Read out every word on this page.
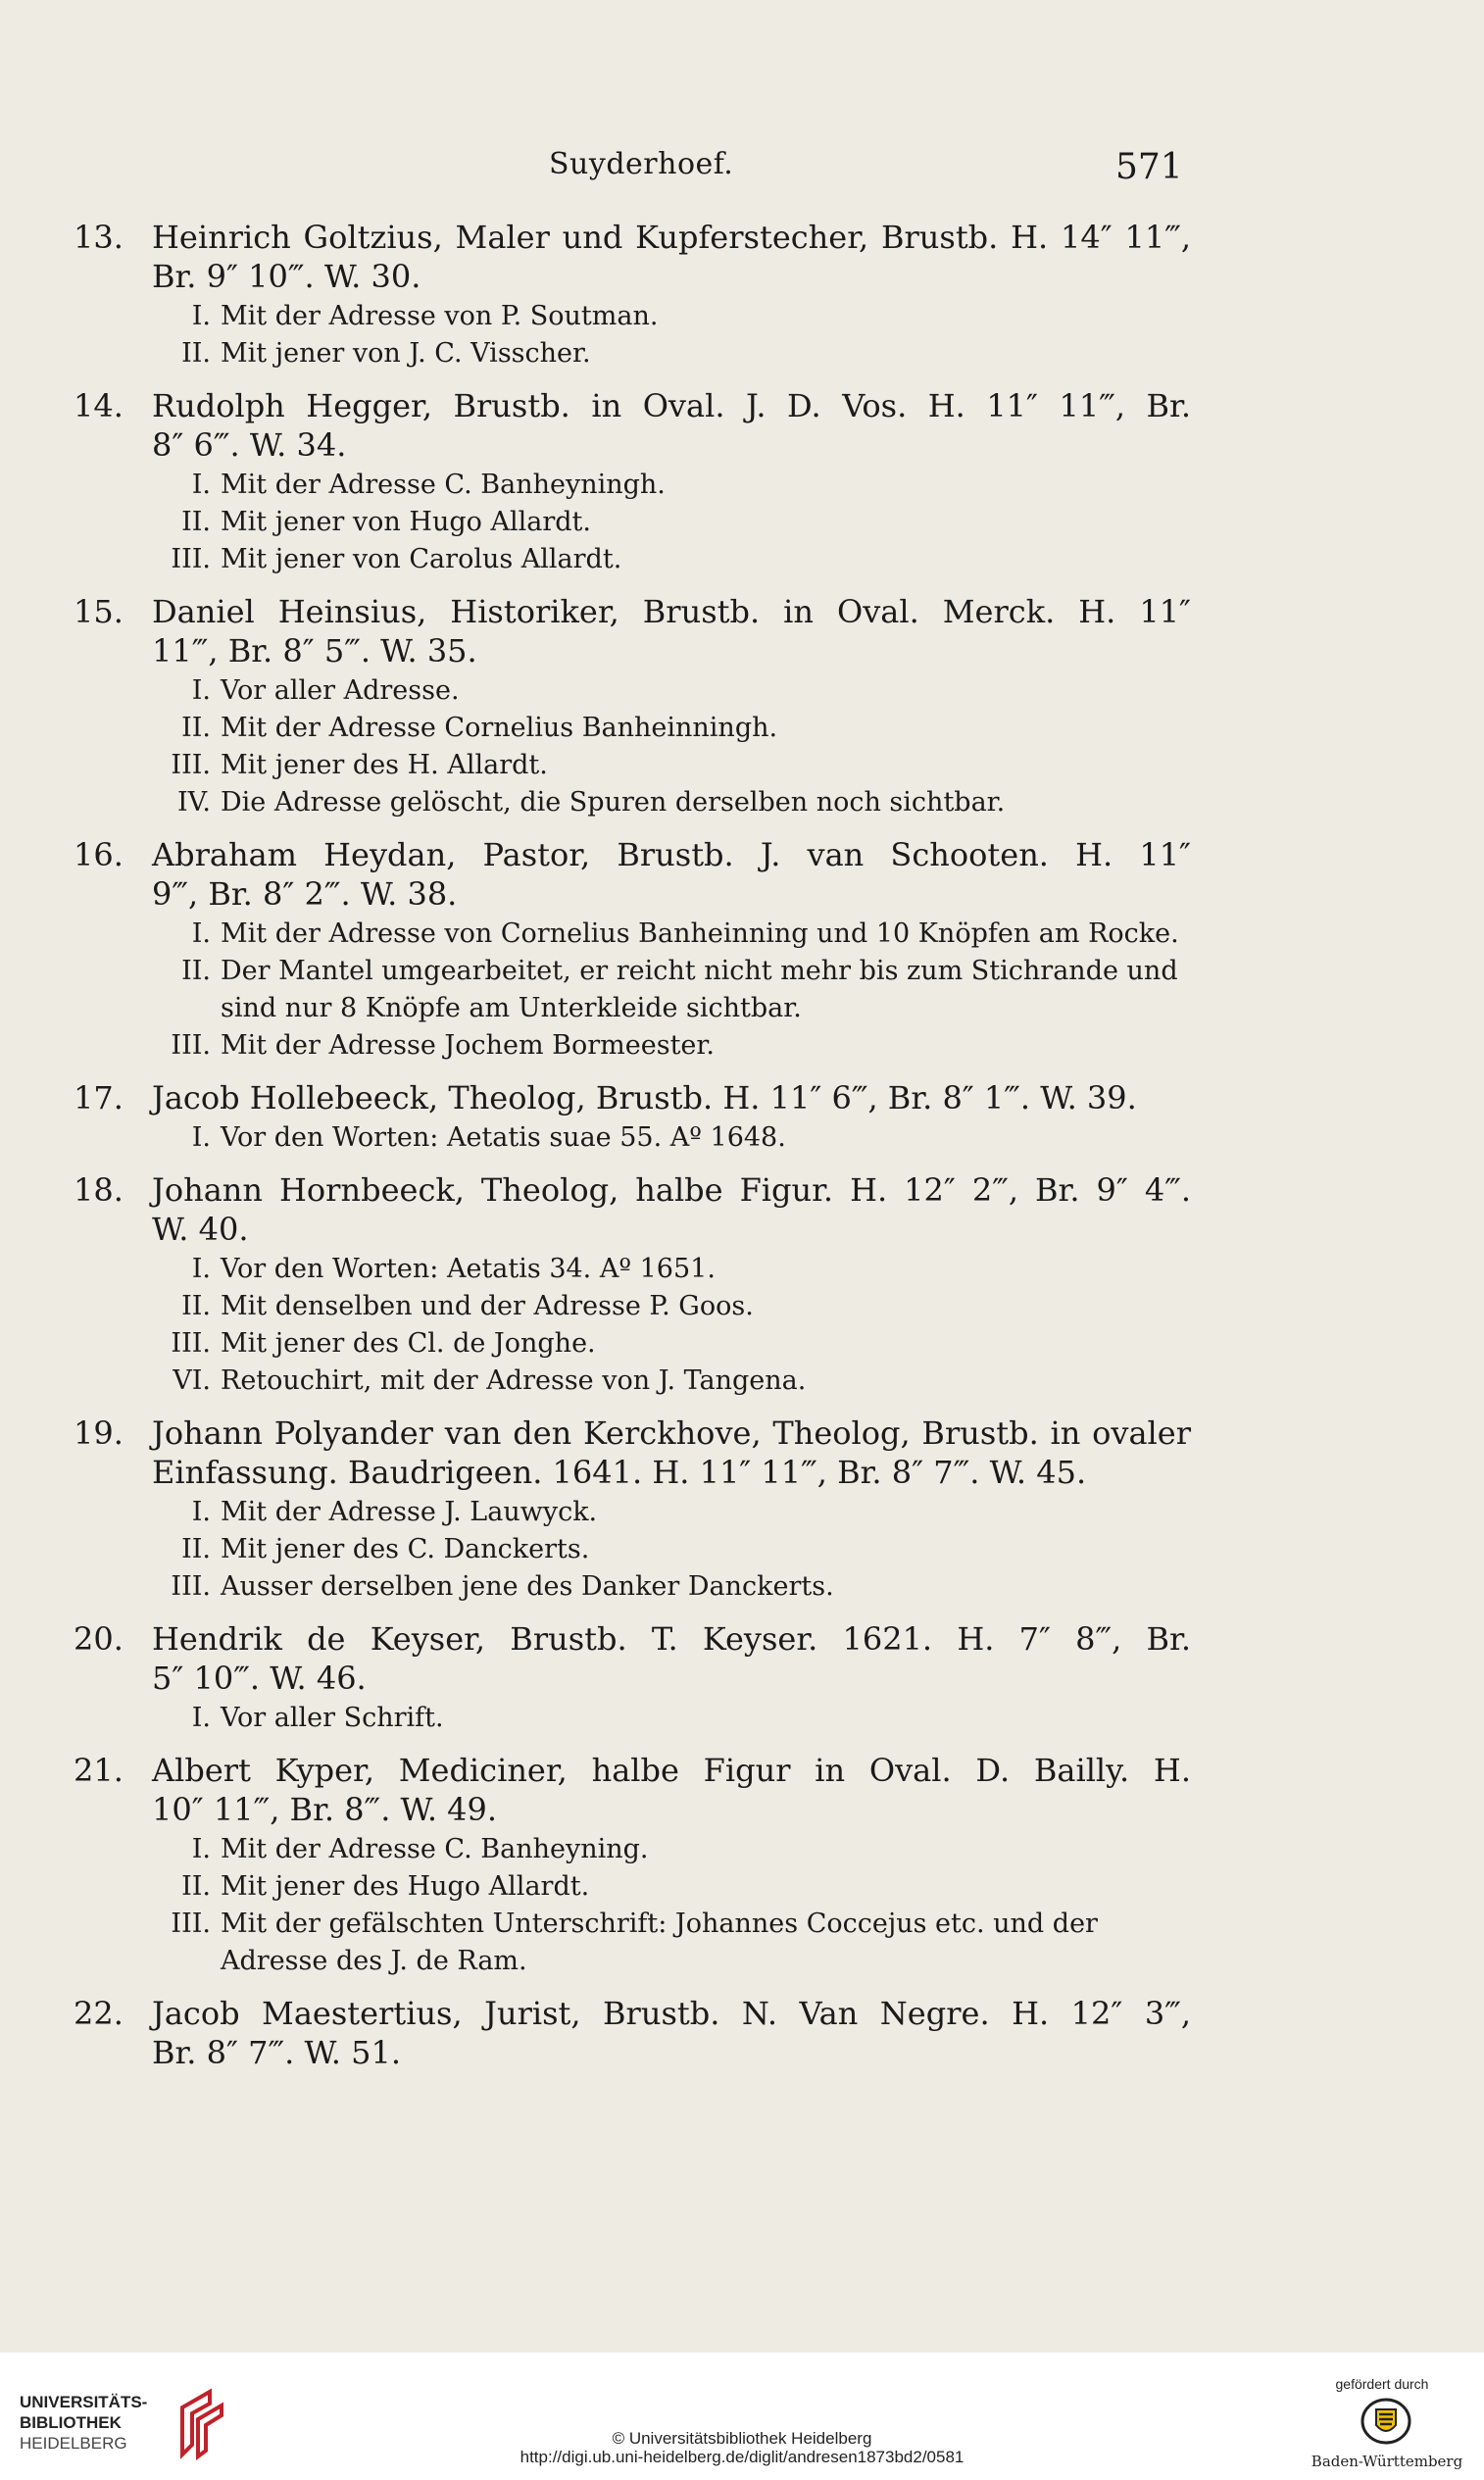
Suyderhoef.	571
13. Heinrich Goltzius, Maler und Kupferstecher, Brustb. H. 14″ 11‴,
Br. 9″ 10‴. W. 30.
I. Mit der Adresse von P. Soutman.
II. Mit jener von J. C. Visscher.
14. Rudolph Hegger, Brustb. in Oval. J. D. Vos. H. 11″ 11‴, Br.
8″ 6‴. W. 34.
I. Mit der Adresse C. Banheyningh.
II. Mit jener von Hugo Allardt.
III. Mit jener von Carolus Allardt.
15. Daniel Heinsius, Historiker, Brustb. in Oval. Merck. H. 11″
11‴, Br. 8″ 5‴. W. 35.
I. Vor aller Adresse.
II. Mit der Adresse Cornelius Banheinningh.
III. Mit jener des H. Allardt.
IV. Die Adresse gelöscht, die Spuren derselben noch sichtbar.
16. Abraham Heydan, Pastor, Brustb. J. van Schooten. H. 11″
9‴, Br. 8″ 2‴. W. 38.
I. Mit der Adresse von Cornelius Banheinning und 10 Knöpfen am Rocke.
II. Der Mantel umgearbeitet, er reicht nicht mehr bis zum Stichrande und sind nur 8 Knöpfe am Unterkleide sichtbar.
III. Mit der Adresse Jochem Bormeester.
17. Jacob Hollebeeck, Theolog, Brustb. H. 11″ 6‴, Br. 8″ 1‴. W. 39.
I. Vor den Worten: Aetatis suae 55. Aº 1648.
18. Johann Hornbeeck, Theolog, halbe Figur. H. 12″ 2‴, Br. 9″ 4‴.
W. 40.
I. Vor den Worten: Aetatis 34. Aº 1651.
II. Mit denselben und der Adresse P. Goos.
III. Mit jener des Cl. de Jonghe.
VI. Retouchirt, mit der Adresse von J. Tangena.
19. Johann Polyander van den Kerckhove, Theolog, Brustb. in ovaler
Einfassung. Baudrigeen. 1641. H. 11″ 11‴, Br. 8″ 7‴. W. 45.
I. Mit der Adresse J. Lauwyck.
II. Mit jener des C. Danckerts.
III. Ausser derselben jene des Danker Danckerts.
20. Hendrik de Keyser, Brustb. T. Keyser. 1621. H. 7″ 8‴, Br.
5″ 10‴. W. 46.
I. Vor aller Schrift.
21. Albert Kyper, Mediciner, halbe Figur in Oval. D. Bailly. H.
10″ 11‴, Br. 8‴. W. 49.
I. Mit der Adresse C. Banheyning.
II. Mit jener des Hugo Allardt.
III. Mit der gefälschten Unterschrift: Johannes Coccejus etc. und der Adresse des J. de Ram.
22. Jacob Maestertius, Jurist, Brustb. N. Van Negre. H. 12″ 3‴,
Br. 8″ 7‴. W. 51.
UNIVERSITÄTS-
BIBLIOTHEK
HEIDELBERG	© Universitätsbibliothek Heidelberg
http://digi.ub.uni-heidelberg.de/diglit/andresen1873bd2/0581
gefördert durch
Baden-Württemberg
